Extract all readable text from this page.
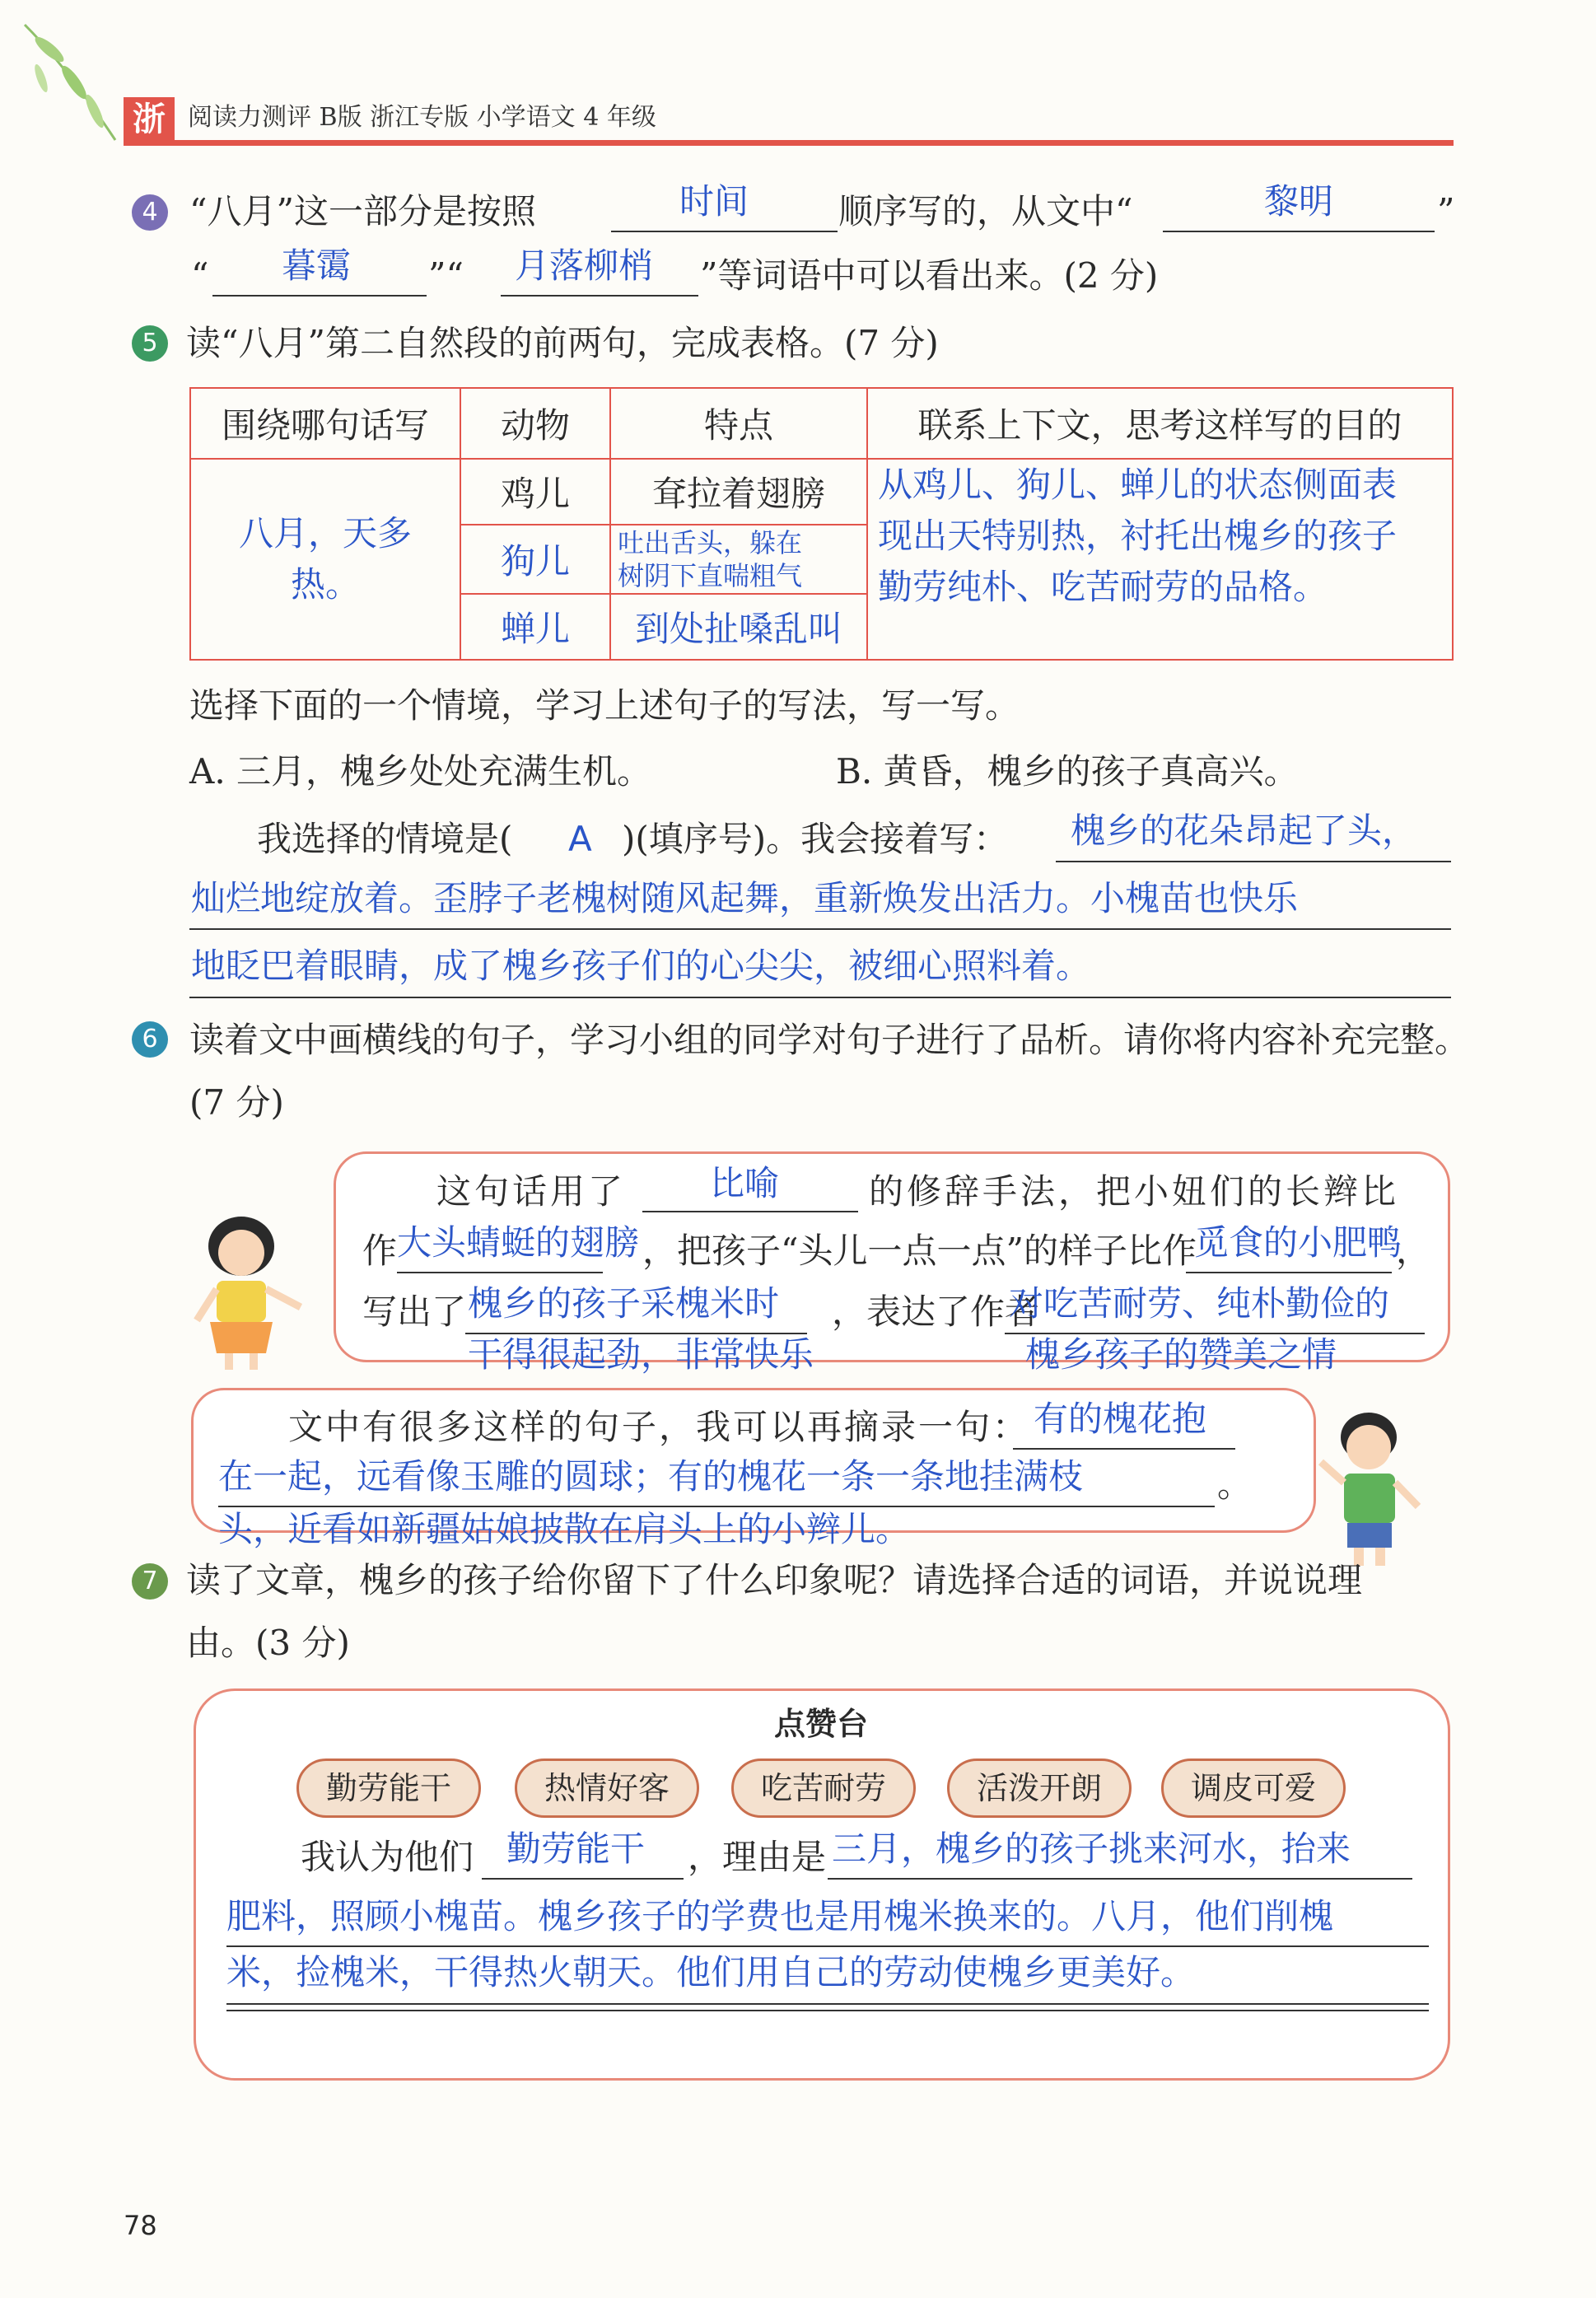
浙 阅读力测评 B版 浙江专版 小学语文 4 年级
4 “八月”这一部分是按照	时间	顺序写的，从文中“	黎明	”
“ 暮霭 ”“ 月落柳梢 ”等词语中可以看出来。(2 分)
5 读“八月”第二自然段的前两句，完成表格。(7 分)
围绕哪句话写	动物	特点	联系上下文，思考这样写的目的

八月，天多热。	鸡儿	耷拉着翅膀	从鸡儿、狗儿、蝉儿的状态侧面表
现出天特别热，衬托出槐乡的孩子
勤劳纯朴、吃苦耐劳的品格。

	狗儿	吐出舌头，躲在树阴下直喘粗气	

	蝉儿	到处扯嗓乱叫	
选择下面的一个情境，学习上述句子的写法，写一写。
A. 三月，槐乡处处充满生机。	B. 黄昏，槐乡的孩子真高兴。
我选择的情境是( A )(填序号)。我会接着写： 槐乡的花朵昂起了头，
灿烂地绽放着。歪脖子老槐树随风起舞，重新焕发出活力。小槐苗也快乐
地眨巴着眼睛，成了槐乡孩子们的心尖尖，被细心照料着。
6 读着文中画横线的句子，学习小组的同学对句子进行了品析。请你将内容补充完整。
(7 分)
这句话用了 比喻	的修辞手法，把小妞们的长辫比
作 大头蜻蜓的翅膀 ，把孩子“头儿一点一点”的样子比作
觅食的小肥鸭
，
写出了 槐乡的孩子采槐米时
干得很起劲，非常快乐
，表达了作者
对吃苦耐劳、纯朴勤俭的
槐乡孩子的赞美之情
文中有很多这样的句子，我可以再摘录一句： 有的槐花抱
在一起，远看像玉雕的圆球；有的槐花一条一条地挂满枝	。
头，近看如新疆姑娘披散在肩头上的小辫儿。
7 读了文章，槐乡的孩子给你留下了什么印象呢？请选择合适的词语，并说说理
由。(3 分)
点赞台
勤劳能干	热情好客	吃苦耐劳	活泼开朗	调皮可爱
我认为他们 勤劳能干 ，理由是 三月，槐乡的孩子挑来河水，抬来
肥料，照顾小槐苗。槐乡孩子的学费也是用槐米换来的。八月，他们削槐
米，捡槐米，干得热火朝天。他们用自己的劳动使槐乡更美好。
78
